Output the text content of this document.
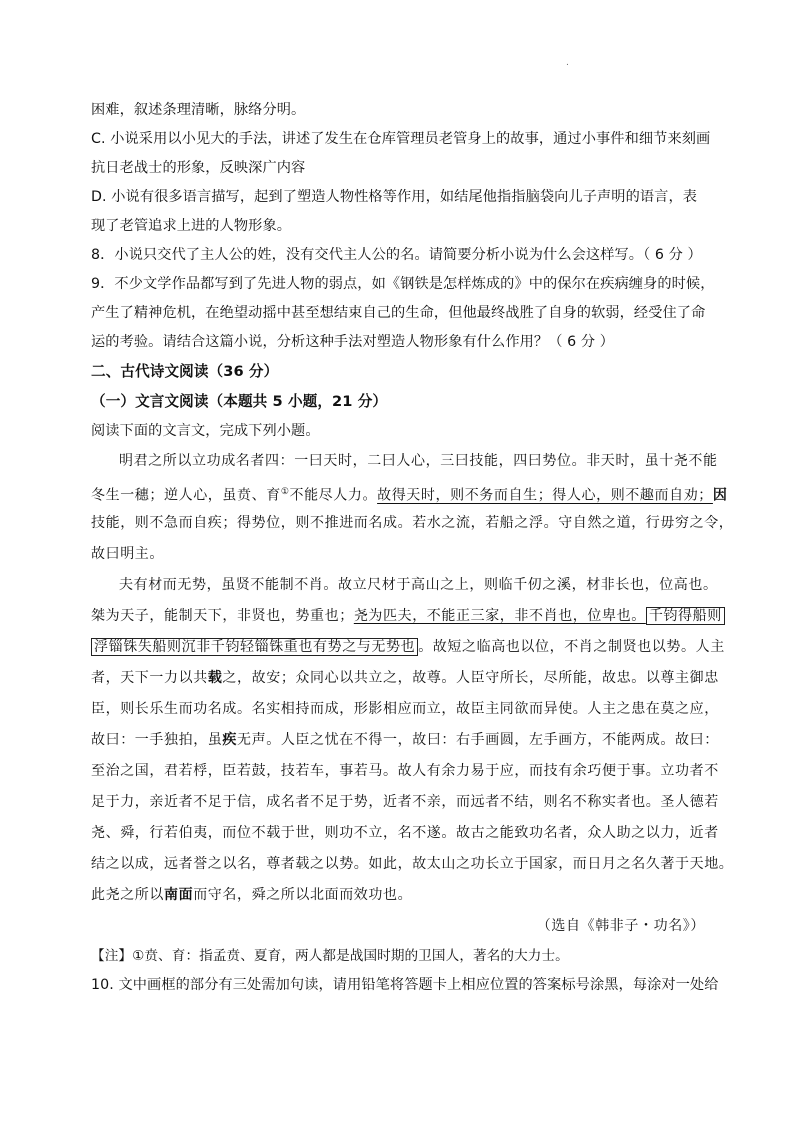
.
困难，叙述条理清晰，脉络分明。
C. 小说采用以小见大的手法，讲述了发生在仓库管理员老管身上的故事，通过小事件和细节来刻画
抗日老战士的形象，反映深广内容
D. 小说有很多语言描写，起到了塑造人物性格等作用，如结尾他指指脑袋向儿子声明的语言，表
现了老管追求上进的人物形象。
8．小说只交代了主人公的姓，没有交代主人公的名。请简要分析小说为什么会这样写。（ 6 分 ）
9．不少文学作品都写到了先进人物的弱点，如《钢铁是怎样炼成的》中的保尔在疾病缠身的时候，
产生了精神危机，在绝望动摇中甚至想结束自己的生命，但他最终战胜了自身的软弱，经受住了命
运的考验。请结合这篇小说，分析这种手法对塑造人物形象有什么作用？（ 6 分 ）
二、古代诗文阅读（36 分）
（一）文言文阅读（本题共 5 小题，21 分）
阅读下面的文言文，完成下列小题。
明君之所以立功成名者四：一曰天时，二曰人心，三曰技能，四曰势位。非天时，虽十尧不能
冬生一穗；逆人心，虽贲、育①不能尽人力。故得天时，则不务而自生；得人心，则不趣而自劝；因
技能，则不急而自疾；得势位，则不推进而名成。若水之流，若船之浮。守自然之道，行毋穷之令，
故曰明主。
夫有材而无势，虽贤不能制不肖。故立尺材于高山之上，则临千仞之溪，材非长也，位高也。
桀为天子，能制天下，非贤也，势重也；尧为匹夫，不能正三家，非不肖也，位卑也。 千钧得船则
浮锱铢失船则沉非千钧轻锱铢重也有势之与无势也 。故短之临高也以位，不肖之制贤也以势。人主
者，天下一力以共载之，故安；众同心以共立之，故尊。人臣守所长，尽所能，故忠。以尊主御忠
臣，则长乐生而功名成。名实相持而成，形影相应而立，故臣主同欲而异使。人主之患在莫之应，
故曰：一手独拍，虽疾无声。人臣之忧在不得一，故曰：右手画圆，左手画方，不能两成。故曰：
至治之国，君若桴，臣若鼓，技若车，事若马。故人有余力易于应，而技有余巧便于事。立功者不
足于力，亲近者不足于信，成名者不足于势，近者不亲，而远者不结，则名不称实者也。圣人德若
尧、舜，行若伯夷，而位不载于世，则功不立，名不遂。故古之能致功名者，众人助之以力，近者
结之以成，远者誉之以名，尊者载之以势。如此，故太山之功长立于国家，而日月之名久著于天地。
此尧之所以南面而守名，舜之所以北面而效功也。
（选自《韩非子・功名》）
【注】①贲、育：指孟贲、夏育，两人都是战国时期的卫国人，著名的大力士。
10. 文中画框的部分有三处需加句读，请用铅笔将答题卡上相应位置的答案标号涂黑，每涂对一处给
